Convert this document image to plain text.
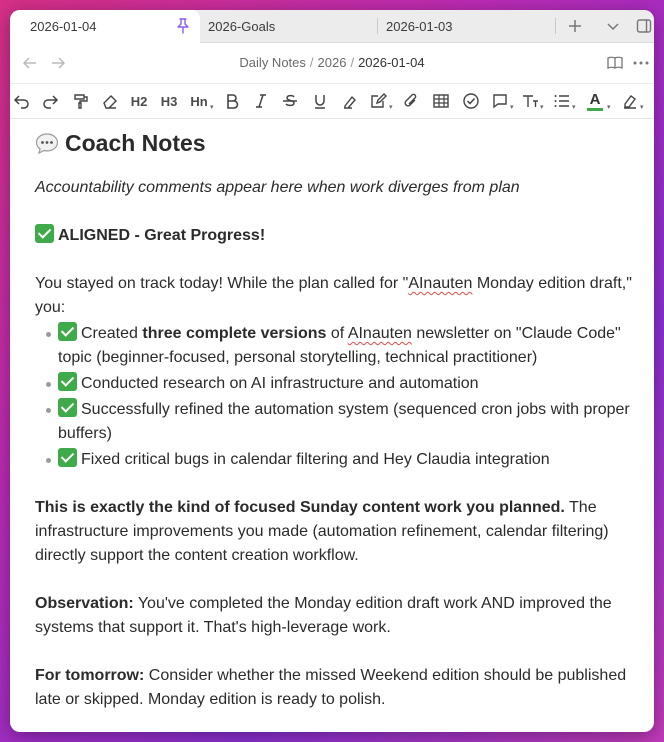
2026-01-04	2026-Goals	2026-01-03
Daily Notes / 2026 / 2026-01-04
H2 H3 Hn ▾	▾	▾	▾	▾ A ▾	▾
Coach Notes

Accountability comments appear here when work diverges from plan

ALIGNED - Great Progress!

You stayed on track today! While the plan called for "AInauten Monday edition draft," you:

Created three complete versions of AInauten newsletter on "Claude Code" topic (beginner-focused, personal storytelling, technical practitioner)
Conducted research on AI infrastructure and automation
Successfully refined the automation system (sequenced cron jobs with proper buffers)
Fixed critical bugs in calendar filtering and Hey Claudia integration

This is exactly the kind of focused Sunday content work you planned. The infrastructure improvements you made (automation refinement, calendar filtering) directly support the content creation workflow.

Observation: You've completed the Monday edition draft work AND improved the systems that support it. That's high-leverage work.

For tomorrow: Consider whether the missed Weekend edition should be published late or skipped. Monday edition is ready to polish.
